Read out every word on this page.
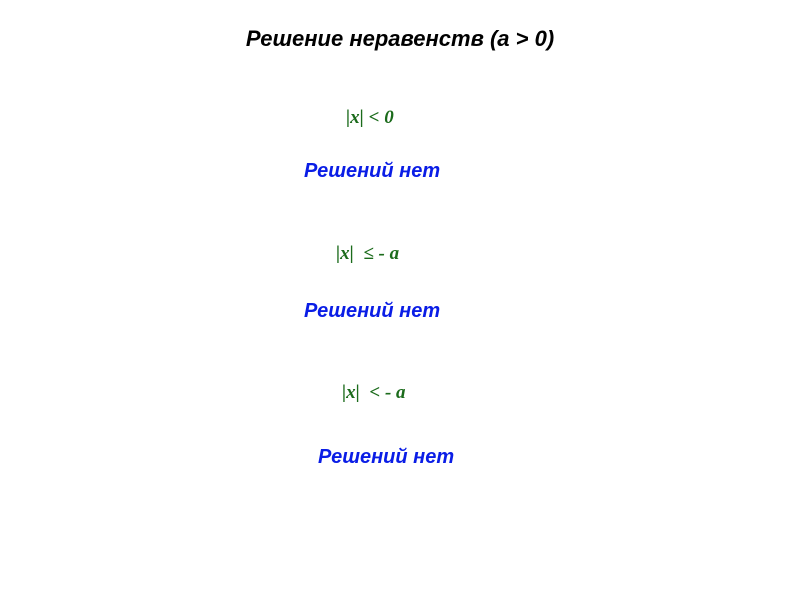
Решение неравенств (а > 0)
|x| < 0
Решений нет
|x|  ≤ - a
Решений нет
|x|  < - a
Решений нет
